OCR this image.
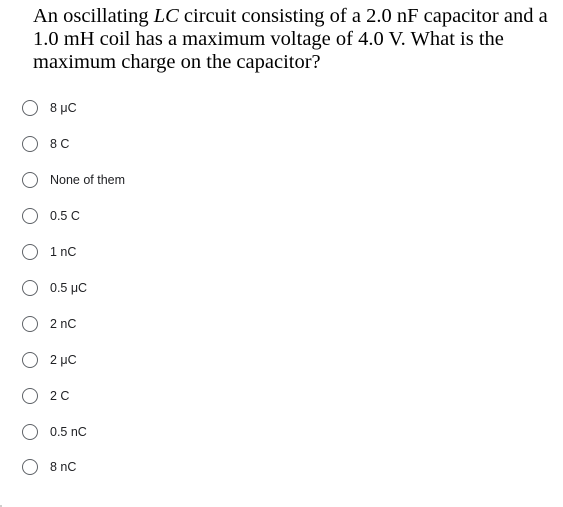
An oscillating LC circuit consisting of a 2.0 nF capacitor and a 1.0 mH coil has a maximum voltage of 4.0 V. What is the maximum charge on the capacitor?

8 μC
8 C
None of them
0.5 C
1 nC
0.5 μC
2 nC
2 μC
2 C
0.5 nC
8 nC
